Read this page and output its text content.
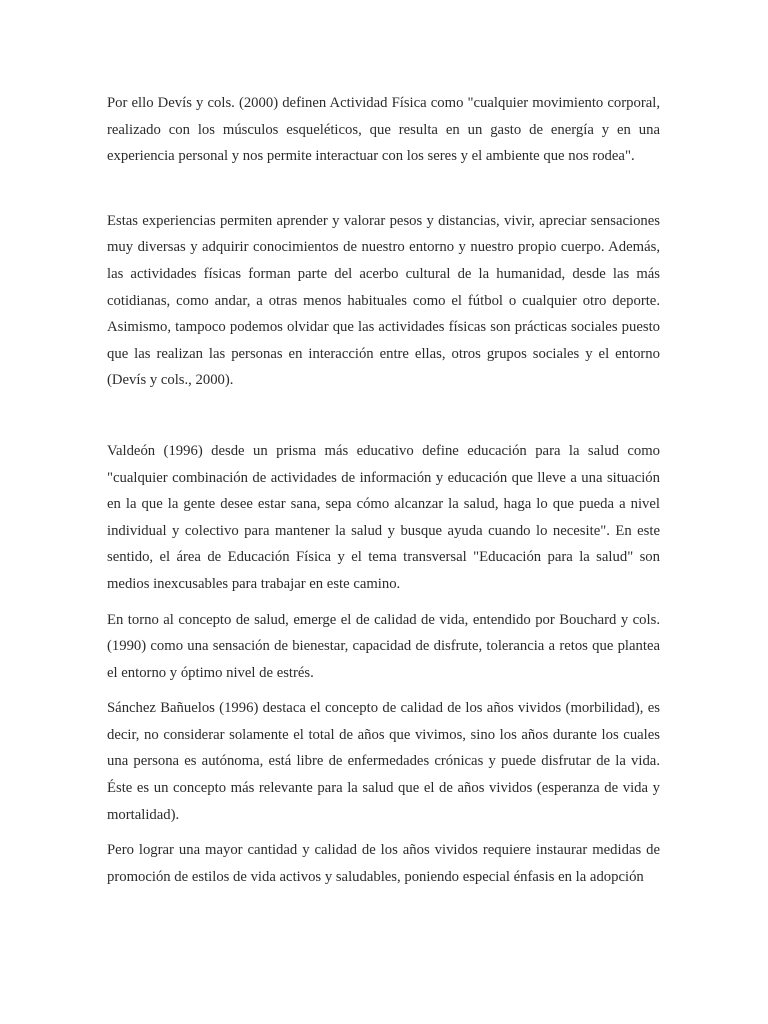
Por ello Devís y cols. (2000) definen Actividad Física como "cualquier movimiento corporal, realizado con los músculos esqueléticos, que resulta en un gasto de energía y en una experiencia personal y nos permite interactuar con los seres y el ambiente que nos rodea".

Estas experiencias permiten aprender y valorar pesos y distancias, vivir, apreciar sensaciones muy diversas y adquirir conocimientos de nuestro entorno y nuestro propio cuerpo. Además, las actividades físicas forman parte del acerbo cultural de la humanidad, desde las más cotidianas, como andar, a otras menos habituales como el fútbol o cualquier otro deporte. Asimismo, tampoco podemos olvidar que las actividades físicas son prácticas sociales puesto que las realizan las personas en interacción entre ellas, otros grupos sociales y el entorno (Devís y cols., 2000).

Valdeón (1996) desde un prisma más educativo define educación para la salud como "cualquier combinación de actividades de información y educación que lleve a una situación en la que la gente desee estar sana, sepa cómo alcanzar la salud, haga lo que pueda a nivel individual y colectivo para mantener la salud y busque ayuda cuando lo necesite". En este sentido, el área de Educación Física y el tema transversal "Educación para la salud" son medios inexcusables para trabajar en este camino.

En torno al concepto de salud, emerge el de calidad de vida, entendido por Bouchard y cols. (1990) como una sensación de bienestar, capacidad de disfrute, tolerancia a retos que plantea el entorno y óptimo nivel de estrés.

Sánchez Bañuelos (1996) destaca el concepto de calidad de los años vividos (morbilidad), es decir, no considerar solamente el total de años que vivimos, sino los años durante los cuales una persona es autónoma, está libre de enfermedades crónicas y puede disfrutar de la vida. Éste es un concepto más relevante para la salud que el de años vividos (esperanza de vida y mortalidad).

Pero lograr una mayor cantidad y calidad de los años vividos requiere instaurar medidas de promoción de estilos de vida activos y saludables, poniendo especial énfasis en la adopción
